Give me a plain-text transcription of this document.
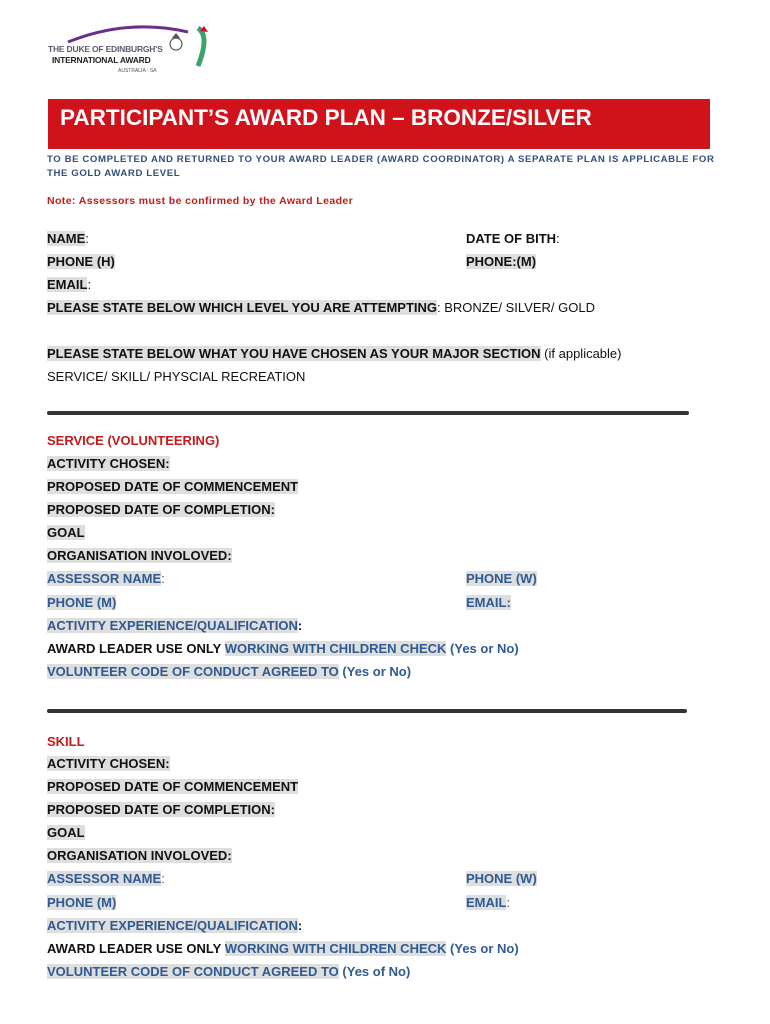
THE DUKE OF EDINBURGH'S
INTERNATIONAL AWARD
AUSTRALIA - SA
PARTICIPANT’S AWARD PLAN – BRONZE/SILVER
TO BE COMPLETED AND RETURNED TO YOUR AWARD LEADER (AWARD COORDINATOR) A SEPARATE PLAN IS APPLICABLE FOR THE GOLD AWARD LEVEL
Note: Assessors must be confirmed by the Award Leader
NAME:	DATE OF BITH:
PHONE (H)	PHONE:(M)
EMAIL:
PLEASE STATE BELOW WHICH LEVEL YOU ARE ATTEMPTING: BRONZE/ SILVER/ GOLD
PLEASE STATE BELOW WHAT YOU HAVE CHOSEN AS YOUR MAJOR SECTION (if applicable)
SERVICE/ SKILL/ PHYSCIAL RECREATION
SERVICE (VOLUNTEERING)
ACTIVITY CHOSEN:
PROPOSED DATE OF COMMENCEMENT
PROPOSED DATE OF COMPLETION:
GOAL
ORGANISATION INVOLOVED:
ASSESSOR NAME:	PHONE (W)
PHONE (M)	EMAIL:
ACTIVITY EXPERIENCE/QUALIFICATION:
AWARD LEADER USE ONLY WORKING WITH CHILDREN CHECK (Yes or No)
VOLUNTEER CODE OF CONDUCT AGREED TO (Yes or No)
SKILL
ACTIVITY CHOSEN:
PROPOSED DATE OF COMMENCEMENT
PROPOSED DATE OF COMPLETION:
GOAL
ORGANISATION INVOLOVED:
ASSESSOR NAME:	PHONE (W)
PHONE (M)	EMAIL:
ACTIVITY EXPERIENCE/QUALIFICATION:
AWARD LEADER USE ONLY WORKING WITH CHILDREN CHECK (Yes or No)
VOLUNTEER CODE OF CONDUCT AGREED TO (Yes of No)
